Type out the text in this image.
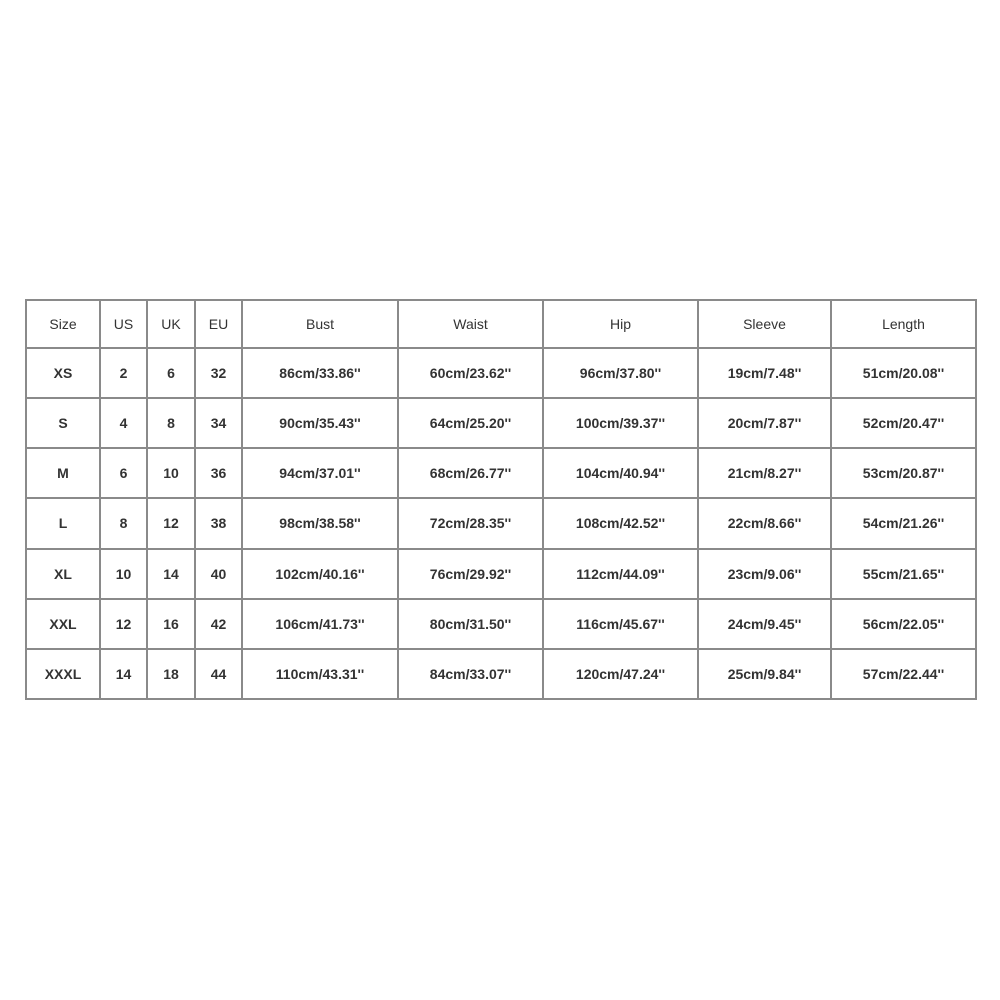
Size	US	UK	EU	Bust	Waist	Hip	Sleeve	Length
XS	2	6	32	86cm/33.86''	60cm/23.62''	96cm/37.80''	19cm/7.48''	51cm/20.08''
S	4	8	34	90cm/35.43''	64cm/25.20''	100cm/39.37''	20cm/7.87''	52cm/20.47''
M	6	10	36	94cm/37.01''	68cm/26.77''	104cm/40.94''	21cm/8.27''	53cm/20.87''
L	8	12	38	98cm/38.58''	72cm/28.35''	108cm/42.52''	22cm/8.66''	54cm/21.26''
XL	10	14	40	102cm/40.16''	76cm/29.92''	112cm/44.09''	23cm/9.06''	55cm/21.65''
XXL	12	16	42	106cm/41.73''	80cm/31.50''	116cm/45.67''	24cm/9.45''	56cm/22.05''
XXXL	14	18	44	110cm/43.31''	84cm/33.07''	120cm/47.24''	25cm/9.84''	57cm/22.44''
